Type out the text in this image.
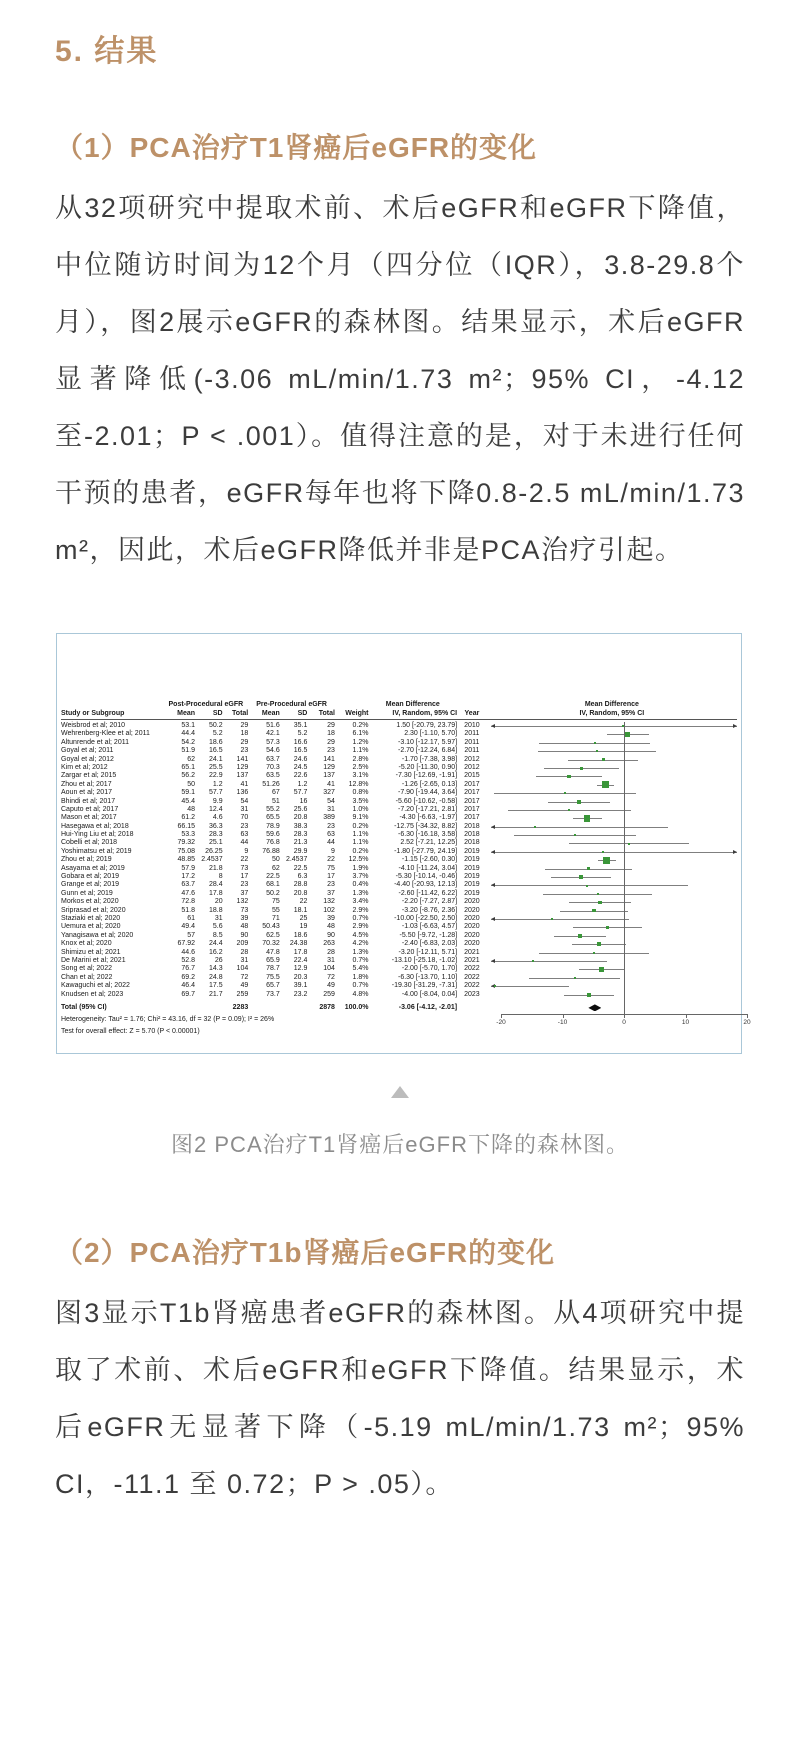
5. 结果
（1）PCA治疗T1肾癌后eGFR的变化

从32项研究中提取术前、术后eGFR和eGFR下降值，中位随访时间为12个月（四分位（IQR），3.8-29.8个月），图2展示eGFR的森林图。结果显示，术后eGFR显著降低(-3.06 mL/min/1.73 m²；95% CI，-4.12至-2.01；P < .001）。值得注意的是，对于未进行任何干预的患者，eGFR每年也将下降0.8-2.5 mL/min/1.73 m²，因此，术后eGFR降低并非是PCA治疗引起。

Post-Procedural eGFR	Pre-Procedural eGFR	Mean Difference	Mean Difference
Study or Subgroup	Mean	SD	Total	Mean	SD	Total	Weight	IV, Random, 95% CI	Year	IV, Random, 95% CI
Weisbrod et al; 2010	53.1	50.2	29	51.6	35.1	29	0.2%	1.50 [-20.79, 23.79] 2010
Wehrenberg-Klee et al; 2011	44.4	5.2	18	42.1	5.2	18	6.1%	2.30 [-1.10, 5.70]	2011
Altunrende et al; 2011	54.2	18.6	29	57.3	16.6	29	1.2%	-3.10 [-12.17, 5.97]	2011
Goyal et al; 2011	51.9	16.5	23	54.6	16.5	23	1.1%	-2.70 [-12.24, 6.84]	2011
Goyal et al; 2012	62	24.1	141	63.7	24.6	141	2.8%	-1.70 [-7.38, 3.98] 2012
Kim et al; 2012	65.1	25.5	129	70.3	24.5	129	2.5%	-5.20 [-11.30, 0.90] 2012
Zargar et al; 2015	56.2	22.9	137	63.5	22.6	137	3.1%	-7.30 [-12.69, -1.91] 2015
Zhou et al; 2017	50	1.2	41	51.26	1.2	41	12.8%	-1.26 [-2.65, 0.13] 2017
Aoun et al; 2017	59.1	57.7	136	67	57.7	327	0.8%	-7.90 [-19.44, 3.64] 2017
Bhindi et al; 2017	45.4	9.9	54	51	16	54	3.5%	-5.60 [-10.62, -0.58] 2017
Caputo et al; 2017	48	12.4	31	55.2	25.6	31	1.0%	-7.20 [-17.21, 2.81] 2017
Mason et al; 2017	61.2	4.6	70	65.5	20.8	389	9.1%	-4.30 [-6.63, -1.97] 2017
Hasegawa et al; 2018	66.15	36.3	23	78.9	38.3	23	0.2%	-12.75 [-34.32, 8.82] 2018
Hui-Ying Liu et al; 2018	53.3	28.3	63	59.6	28.3	63	1.1%	-6.30 [-16.18, 3.58] 2018
Cobelli et al; 2018	79.32	25.1	44	76.8	21.3	44	1.1%	2.52 [-7.21, 12.25] 2018
Yoshimatsu et al; 2019	75.08	26.25	9	76.88	29.9	9	0.2%	-1.80 [-27.79, 24.19] 2019
Zhou et al; 2019	48.85 2.4537	22	50 2.4537	22	12.5%	-1.15 [-2.60, 0.30] 2019
Asayama et al; 2019	57.9	21.8	73	62	22.5	75	1.9%	-4.10 [-11.24, 3.04] 2019
Gobara et al; 2019	17.2	8	17	22.5	6.3	17	3.7%	-5.30 [-10.14, -0.46] 2019
Grange et al; 2019	63.7	28.4	23	68.1	28.8	23	0.4%	-4.40 [-20.93, 12.13] 2019
Gunn et al; 2019	47.6	17.8	37	50.2	20.8	37	1.3%	-2.60 [-11.42, 6.22] 2019
Morkos et al; 2020	72.8	20	132	75	22	132	3.4%	-2.20 [-7.27, 2.87] 2020
Sriprasad et al; 2020	51.8	18.8	73	55	18.1	102	2.9%	-3.20 [-8.76, 2.36] 2020
Staziaki et al; 2020	61	31	39	71	25	39	0.7%	-10.00 [-22.50, 2.50] 2020
Uemura et al; 2020	49.4	5.6	48	50.43	19	48	2.9%	-1.03 [-6.63, 4.57] 2020
Yanagisawa et al; 2020	57	8.5	90	62.5	18.6	90	4.5%	-5.50 [-9.72, -1.28] 2020
Knox et al; 2020	67.92	24.4	209	70.32	24.38	263	4.2%	-2.40 [-6.83, 2.03] 2020
Shimizu et al; 2021	44.6	16.2	28	47.8	17.8	28	1.3%	-3.20 [-12.11, 5.71] 2021
De Marini et al; 2021	52.8	26	31	65.9	22.4	31	0.7%	-13.10 [-25.18, -1.02] 2021
Song et al; 2022	76.7	14.3	104	78.7	12.9	104	5.4%	-2.00 [-5.70, 1.70] 2022
Chan et al; 2022	69.2	24.8	72	75.5	20.3	72	1.8%	-6.30 [-13.70, 1.10] 2022
Kawaguchi et al; 2022	46.4	17.5	49	65.7	39.1	49	0.7%	-19.30 [-31.29, -7.31] 2022
Knudsen et al; 2023	69.7	21.7	259	73.7	23.2	259	4.8%	-4.00 [-8.04, 0.04] 2023
Total (95% CI)	2283	2878	100.0%	-3.06 [-4.12, -2.01]
Heterogeneity: Tau² = 1.76; Chi² = 43.16, df = 32 (P = 0.09); I² = 26%
Test for overall effect: Z = 5.70 (P < 0.00001)
-20	-10	0	10	20

图2 PCA治疗T1肾癌后eGFR下降的森林图。

（2）PCA治疗T1b肾癌后eGFR的变化

图3显示T1b肾癌患者eGFR的森林图。从4项研究中提取了术前、术后eGFR和eGFR下降值。结果显示，术后eGFR无显著下降（-5.19 mL/min/1.73 m²；95% CI，-11.1 至 0.72；P > .05）。
